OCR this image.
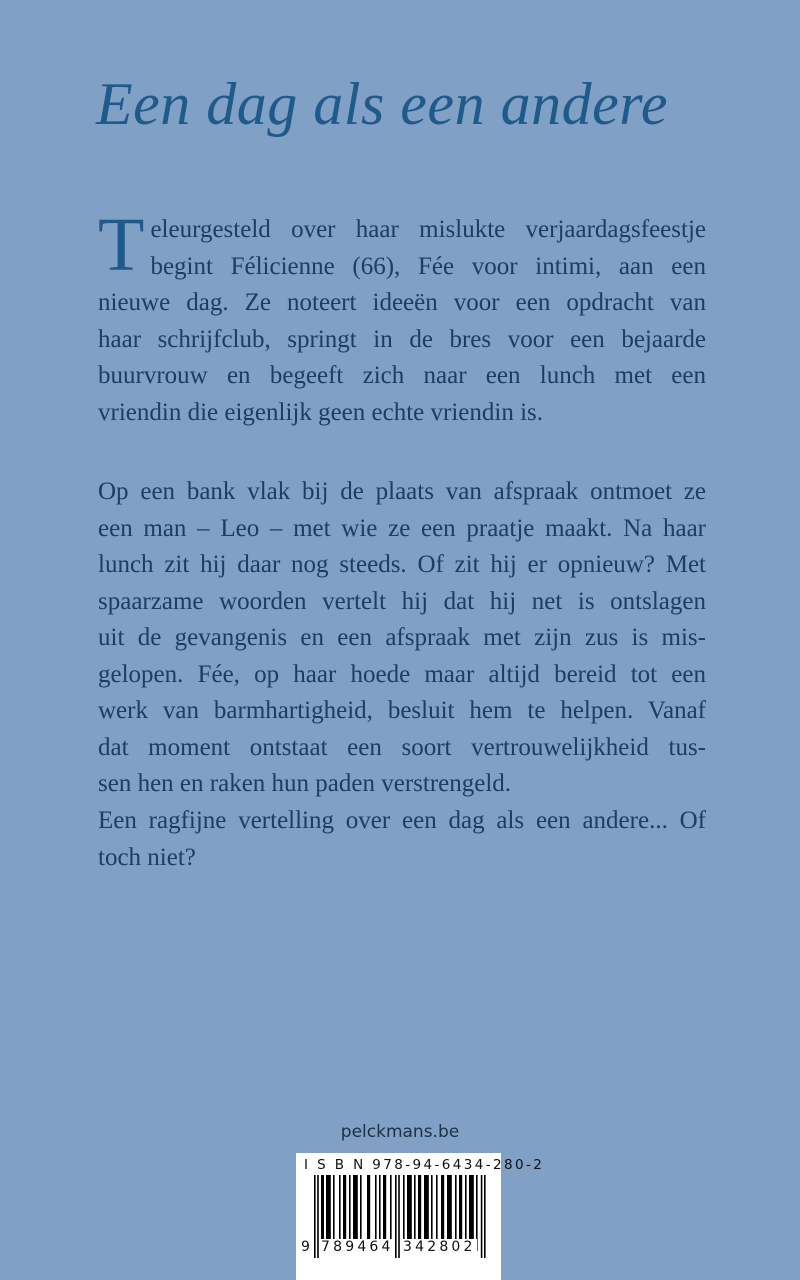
Een dag als een andere
T eleurgesteld over haar mislukte verjaardagsfeestje
begint Félicienne (66), Fée voor intimi, aan een
nieuwe dag. Ze noteert ideeën voor een opdracht van
haar schrijfclub, springt in de bres voor een bejaarde
buurvrouw en begeeft zich naar een lunch met een
vriendin die eigenlijk geen echte vriendin is.
Op een bank vlak bij de plaats van afspraak ontmoet ze
een man – Leo – met wie ze een praatje maakt. Na haar
lunch zit hij daar nog steeds. Of zit hij er opnieuw? Met
spaarzame woorden vertelt hij dat hij net is ontslagen
uit de gevangenis en een afspraak met zijn zus is mis-
gelopen. Fée, op haar hoede maar altijd bereid tot een
werk van barmhartigheid, besluit hem te helpen. Vanaf
dat moment ontstaat een soort vertrouwelijkheid tus-
sen hen en raken hun paden verstrengeld.
Een ragfijne vertelling over een dag als een andere... Of
toch niet?
pelckmans.be
I S B N 978-94-6434-280-2
9 789464 342802
